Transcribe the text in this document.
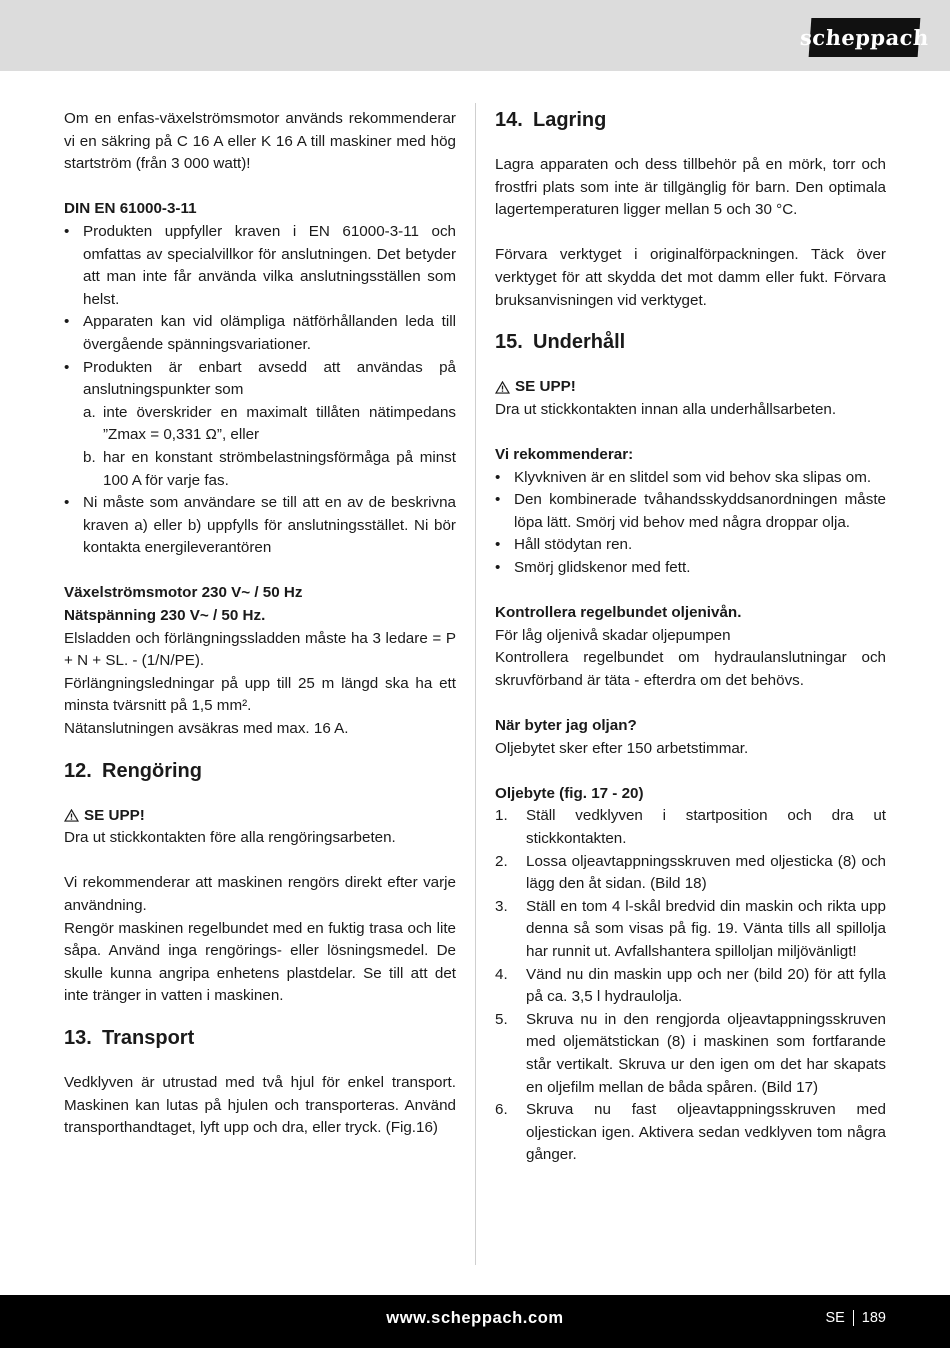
scheppach

Om en enfas-växelströmsmotor används rekommenderar vi en säkring på C 16 A eller K 16 A till maskiner med hög startström (från 3 000 watt)!

DIN EN 61000-3-11

• Produkten uppfyller kraven i EN 61000-3-11 och omfattas av specialvillkor för anslutningen. Det betyder att man inte får använda vilka anslutningsställen som helst.
• Apparaten kan vid olämpliga nätförhållanden leda till övergående spänningsvariationer.
• Produkten är enbart avsedd att användas på anslutningspunkter som
a. inte överskrider en maximalt tillåten nätimpedans ”Zmax = 0,331 Ω”, eller
b. har en konstant strömbelastningsförmåga på minst 100 A för varje fas.
• Ni måste som användare se till att en av de beskrivna kraven a) eller b) uppfylls för anslutningsstället. Ni bör kontakta energileverantören

Växelströmsmotor 230 V~ / 50 Hz

Nätspänning 230 V~ / 50 Hz.

Elsladden och förlängningssladden måste ha 3 ledare = P + N + SL. - (1/N/PE).

Förlängningsledningar på upp till 25 m längd ska ha ett minsta tvärsnitt på 1,5 mm².

Nätanslutningen avsäkras med max. 16 A.

12. Rengöring
SE UPP!

Dra ut stickkontakten före alla rengöringsarbeten.

Vi rekommenderar att maskinen rengörs direkt efter varje användning.

Rengör maskinen regelbundet med en fuktig trasa och lite såpa. Använd inga rengörings- eller lösningsmedel. De skulle kunna angripa enhetens plastdelar. Se till att det inte tränger in vatten i maskinen.

13. Transport

Vedklyven är utrustad med två hjul för enkel transport. Maskinen kan lutas på hjulen och transporteras. Använd transporthandtaget, lyft upp och dra, eller tryck. (Fig.16)

14. Lagring

Lagra apparaten och dess tillbehör på en mörk, torr och frostfri plats som inte är tillgänglig för barn. Den optimala lagertemperaturen ligger mellan 5 och 30 °C.

Förvara verktyget i originalförpackningen. Täck över verktyget för att skydda det mot damm eller fukt. Förvara bruksanvisningen vid verktyget.

15. Underhåll
SE UPP!

Dra ut stickkontakten innan alla underhållsarbeten.

Vi rekommenderar:

• Klyvkniven är en slitdel som vid behov ska slipas om.
• Den kombinerade tvåhandsskyddsanordningen måste löpa lätt. Smörj vid behov med några droppar olja.
• Håll stödytan ren.
• Smörj glidskenor med fett.

Kontrollera regelbundet oljenivån.

För låg oljenivå skadar oljepumpen

Kontrollera regelbundet om hydraulanslutningar och skruvförband är täta - efterdra om det behövs.

När byter jag oljan?

Oljebytet sker efter 150 arbetstimmar.

Oljebyte (fig. 17 - 20)

1. Ställ vedklyven i startposition och dra ut stickkontakten.
2. Lossa oljeavtappningsskruven med oljesticka (8) och lägg den åt sidan. (Bild 18)
3. Ställ en tom 4 l-skål bredvid din maskin och rikta upp denna så som visas på fig. 19. Vänta tills all spillolja har runnit ut. Avfallshantera spilloljan miljövänligt!
4. Vänd nu din maskin upp och ner (bild 20) för att fylla på ca. 3,5 l hydraulolja.
5. Skruva nu in den rengjorda oljeavtappningsskruven med oljemätstickan (8) i maskinen som fortfarande står vertikalt. Skruva ur den igen om det har skapats en oljefilm mellan de båda spåren. (Bild 17)
6. Skruva nu fast oljeavtappningsskruven med oljestickan igen. Aktivera sedan vedklyven tom några gånger.
www.scheppach.com	SE 189
